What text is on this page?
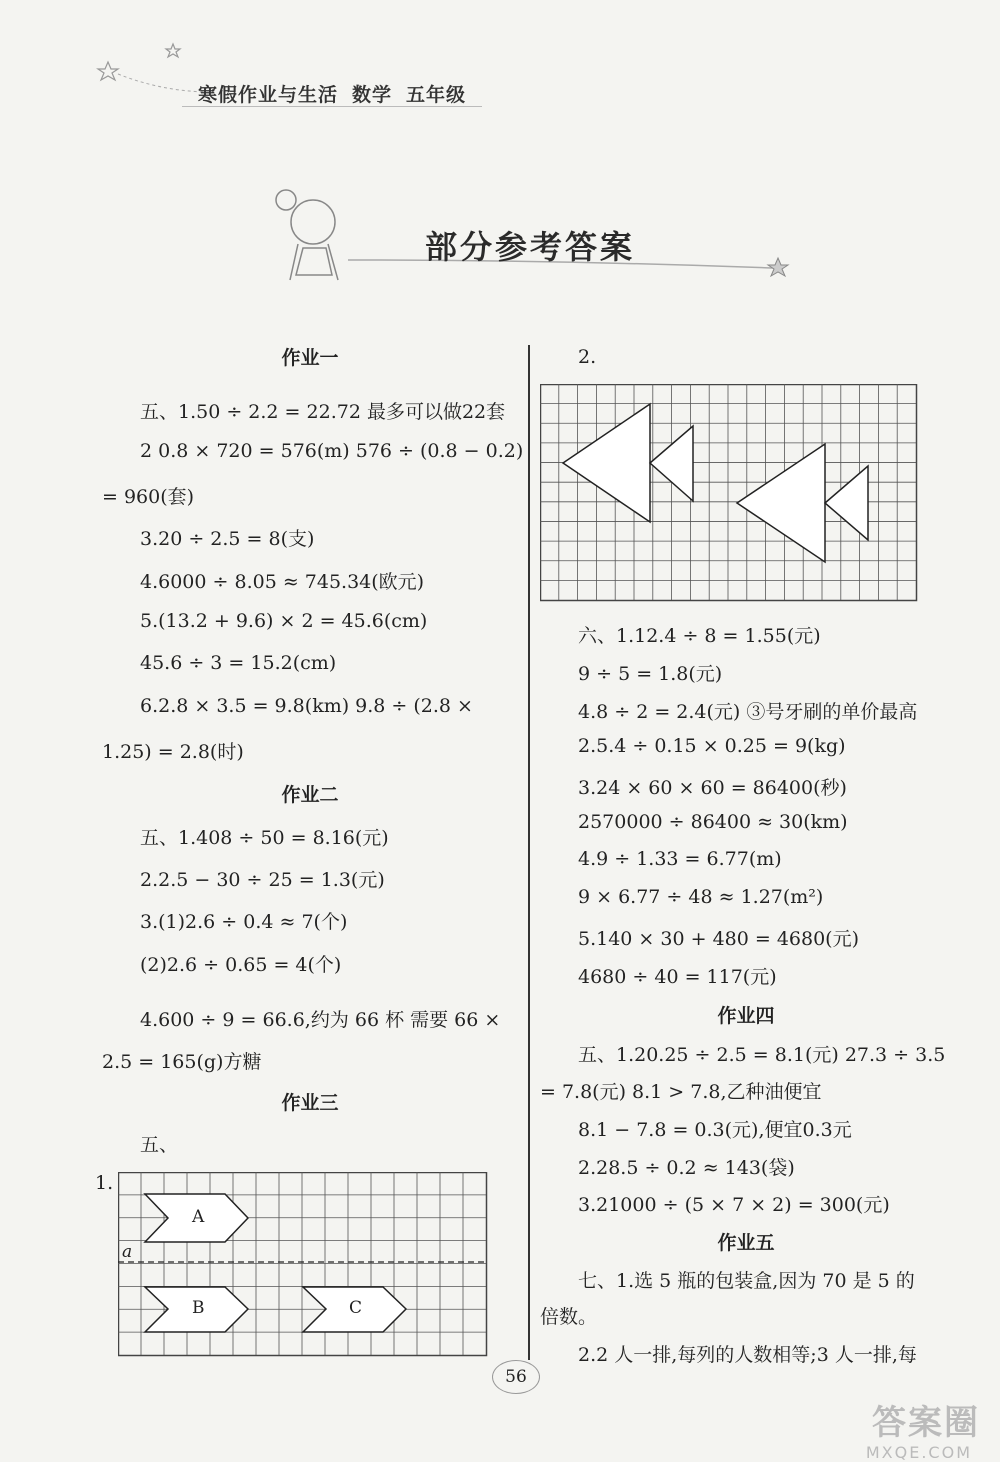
寒假作业与生活 数学 五年级
部分参考答案
作业一
五、1.50 ÷ 2.2 = 22.72 最多可以做22套
2 0.8 × 720 = 576(m) 576 ÷ (0.8 − 0.2)
= 960(套)
3.20 ÷ 2.5 = 8(支)
4.6000 ÷ 8.05 ≈ 745.34(欧元)
5.(13.2 + 9.6) × 2 = 45.6(cm)
45.6 ÷ 3 = 15.2(cm)
6.2.8 × 3.5 = 9.8(km) 9.8 ÷ (2.8 ×
1.25) = 2.8(时)
作业二
五、1.408 ÷ 50 = 8.16(元)
2.2.5 − 30 ÷ 25 = 1.3(元)
3.(1)2.6 ÷ 0.4 ≈ 7(个)
(2)2.6 ÷ 0.65 = 4(个)
4.600 ÷ 9 = 66.6,约为 66 杯 需要 66 ×
2.5 = 165(g)方糖
作业三
五、
1.
A
B	C
a
2.
六、1.12.4 ÷ 8 = 1.55(元)
9 ÷ 5 = 1.8(元)
4.8 ÷ 2 = 2.4(元) ③号牙刷的单价最高
2.5.4 ÷ 0.15 × 0.25 = 9(kg)
3.24 × 60 × 60 = 86400(秒)
2570000 ÷ 86400 ≈ 30(km)
4.9 ÷ 1.33 = 6.77(m)
9 × 6.77 ÷ 48 ≈ 1.27(m²)
5.140 × 30 + 480 = 4680(元)
4680 ÷ 40 = 117(元)
作业四
五、1.20.25 ÷ 2.5 = 8.1(元) 27.3 ÷ 3.5
= 7.8(元) 8.1 > 7.8,乙种油便宜
8.1 − 7.8 = 0.3(元),便宜0.3元
2.28.5 ÷ 0.2 ≈ 143(袋)
3.21000 ÷ (5 × 7 × 2) = 300(元)
作业五
七、1.选 5 瓶的包装盒,因为 70 是 5 的
倍数。
2.2 人一排,每列的人数相等;3 人一排,每
56
答案圈
MXQE.COM
